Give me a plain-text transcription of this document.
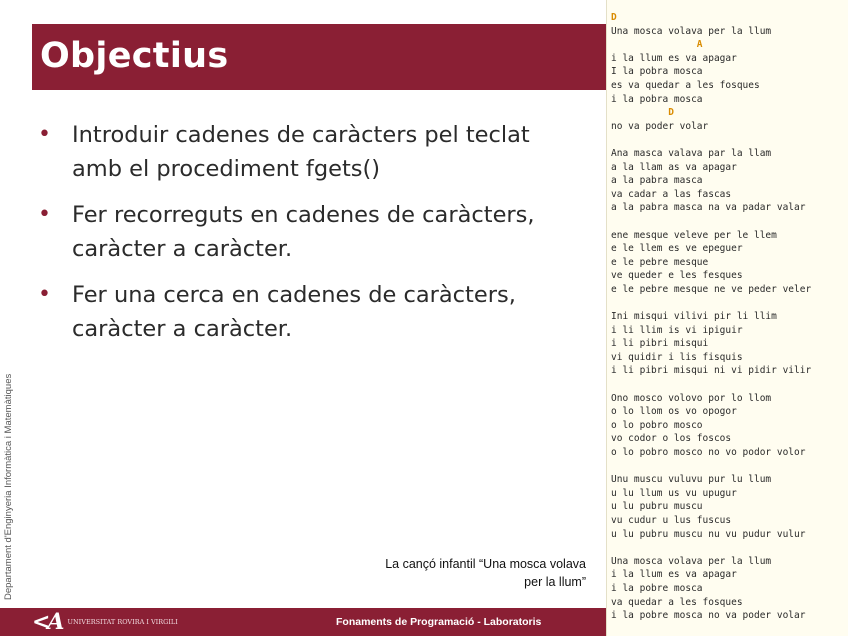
Objectius
• Introduir cadenes de caràcters pel teclat amb el procediment fgets()
• Fer recorreguts en cadenes de caràcters, caràcter a caràcter.
• Fer una cerca en cadenes de caràcters, caràcter a caràcter.
Departament d'Enginyeria Informàtica i Matemàtiques	La cançó infantil “Una mosca volava
per la llum”
<A UNIVERSITAT ROVIRA I VIRGILI	Fonaments de Programació - Laboratoris
D
Una mosca volava per la llum
A
i la llum es va apagar
I la pobra mosca
es va quedar a les fosques
i la pobra mosca
D
no va poder volar
Ana masca valava par la llam
a la llam as va apagar
a la pabra masca
va cadar a las fascas
a la pabra masca na va padar valar
ene mesque veleve per le llem
e le llem es ve epeguer
e le pebre mesque
ve queder e les fesques
e le pebre mesque ne ve peder veler
Ini misqui vilivi pir li llim
i li llim is vi ipiguir
i li pibri misqui
vi quidir i lis fisquis
i li pibri misqui ni vi pidir vilir
Ono mosco volovo por lo llom
o lo llom os vo opogor
o lo pobro mosco
vo codor o los foscos
o lo pobro mosco no vo podor volor
Unu muscu vuluvu pur lu llum
u lu llum us vu upugur
u lu pubru muscu
vu cudur u lus fuscus
u lu pubru muscu nu vu pudur vulur
Una mosca volava per la llum
i la llum es va apagar
i la pobre mosca
va quedar a les fosques
i la pobre mosca no va poder volar
